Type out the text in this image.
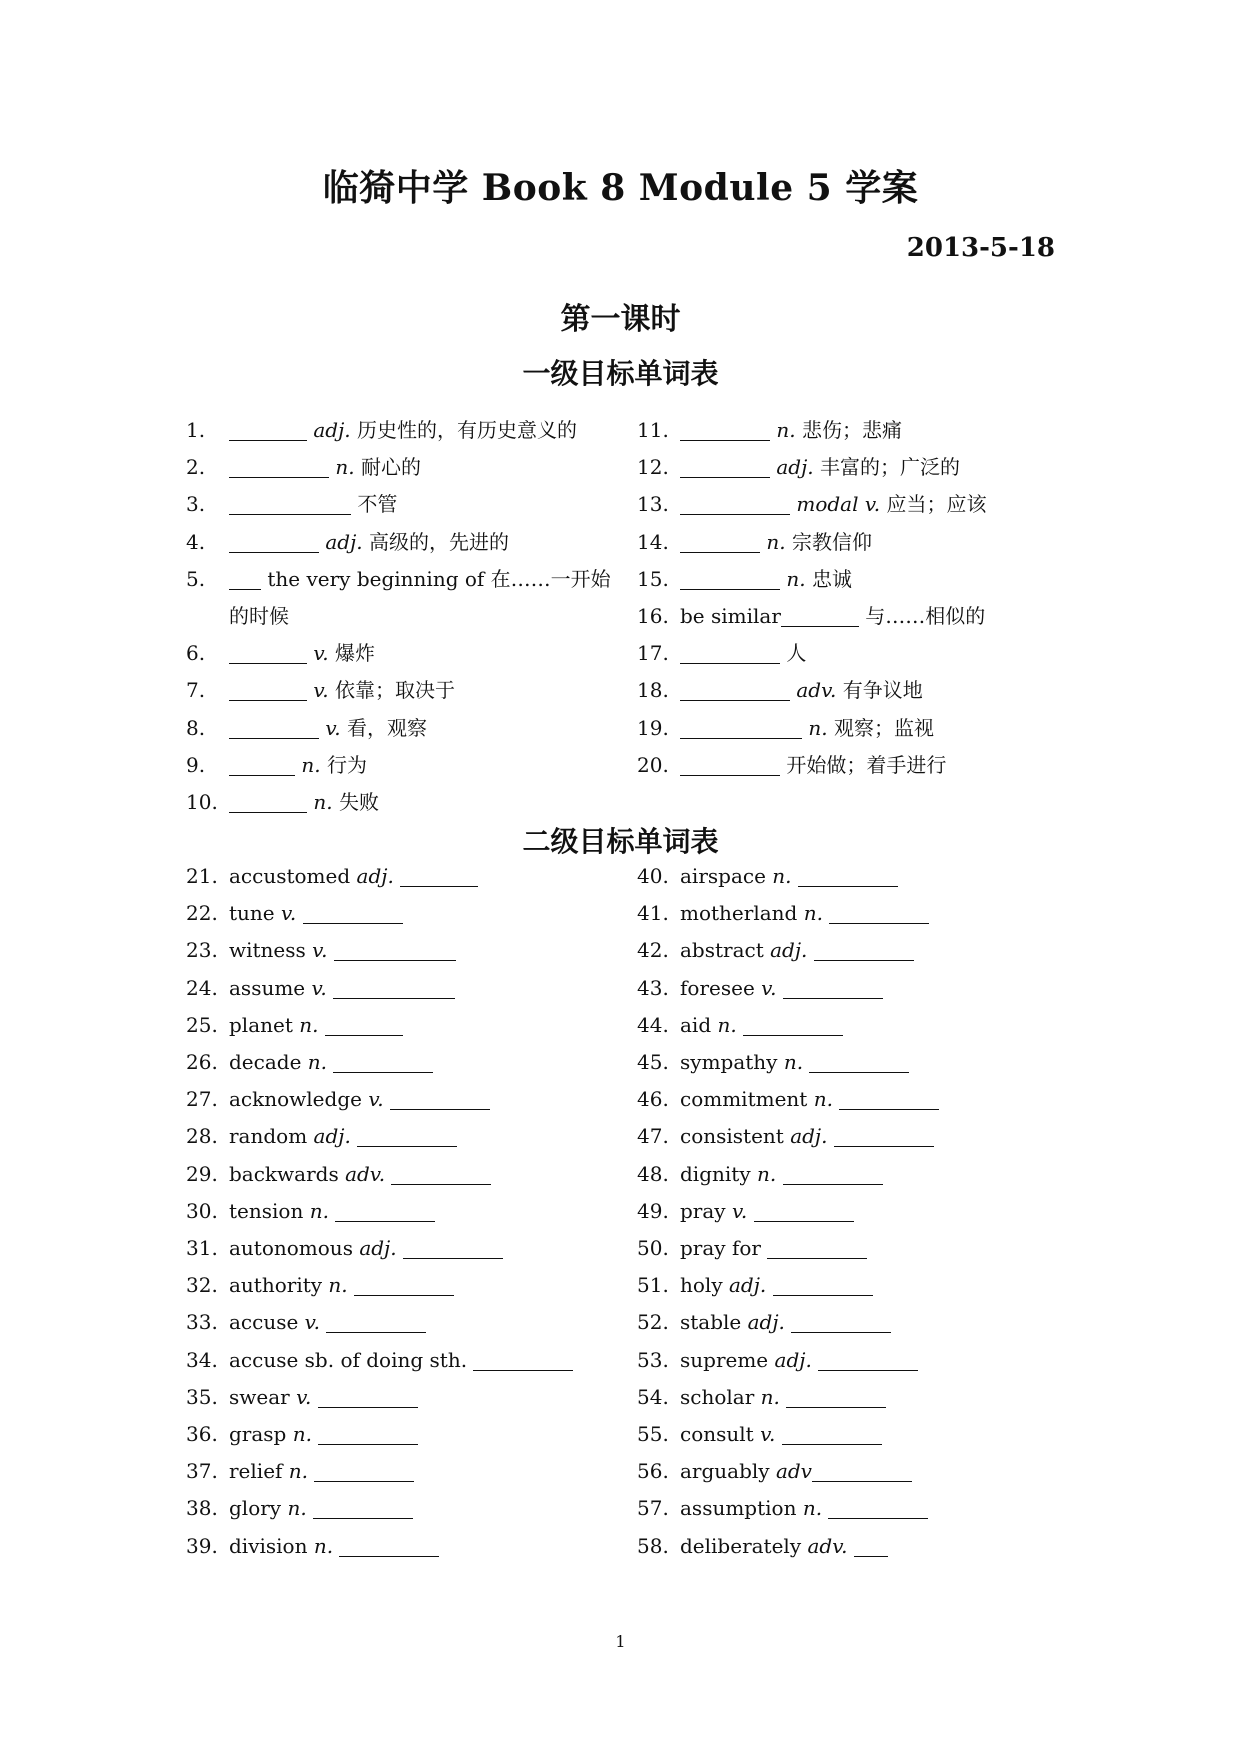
临猗中学 Book 8 Module 5 学案
2013-5-18
第一课时
一级目标单词表
1.	adj. 历史性的，有历史意义的
2.	n. 耐心的
3.	不管
4.	adj. 高级的，先进的
5.	the very beginning of 在……一开始
的时候
6.	v. 爆炸
7.	v. 依靠；取决于
8.	v. 看，观察
9.	n. 行为
10.	n. 失败
11.	n. 悲伤；悲痛
12.	adj. 丰富的；广泛的
13.	modal v. 应当；应该
14.	n. 宗教信仰
15.	n. 忠诚
16. be similar	与……相似的
17.	人
18.	adv. 有争议地
19.	n. 观察；监视
20.	开始做；着手进行
二级目标单词表
21. accustomed adj.
22. tune v.
23. witness v.
24. assume v.
25. planet n.
26. decade n.
27. acknowledge v.
28. random adj.
29. backwards adv.
30. tension n.
31. autonomous adj.
32. authority n.
33. accuse v.
34. accuse sb. of doing sth.
35. swear v.
36. grasp n.
37. relief n.
38. glory n.
39. division n.
40. airspace n.
41. motherland n.
42. abstract adj.
43. foresee v.
44. aid n.
45. sympathy n.
46. commitment n.
47. consistent adj.
48. dignity n.
49. pray v.
50. pray for
51. holy adj.
52. stable adj.
53. supreme adj.
54. scholar n.
55. consult v.
56. arguably adv
57. assumption n.
58. deliberately adv.
1
